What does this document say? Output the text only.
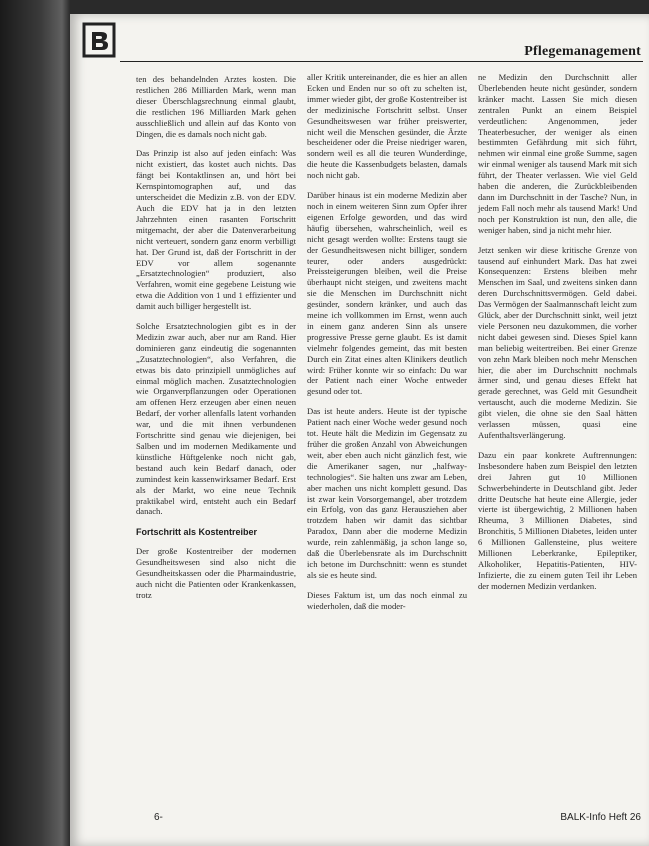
Pflegemanagement

ten des behandelnden Arztes kosten. Die restlichen 286 Milliarden Mark, wenn man dieser Überschlagsrechnung einmal glaubt, die restlichen 196 Milliarden Mark gehen ausschließlich und allein auf das Konto von Dingen, die es damals noch nicht gab.

Das Prinzip ist also auf jeden einfach: Was nicht existiert, das kostet auch nichts. Das fängt bei Kontaktlinsen an, und hört bei Kernspintomographen auf, und das unterscheidet die Medizin z.B. von der EDV. Auch die EDV hat ja in den letzten Jahrzehnten einen rasanten Fortschritt mitgemacht, der aber die Datenverarbeitung nicht verteuert, sondern ganz enorm verbilligt hat. Der Grund ist, daß der Fortschritt in der EDV vor allem sogenannte „Ersatztechnologien“ produziert, also Verfahren, womit eine gegebene Leistung wie etwa die Addition von 1 und 1 effizienter und damit auch billiger hergestellt ist.

Solche Ersatztechnologien gibt es in der Medizin zwar auch, aber nur am Rand. Hier dominieren ganz eindeutig die sogenannten „Zusatztechnologien“, also Verfahren, die etwas bis dato prinzipiell unmögliches auf einmal möglich machen. Zusatztechnologien wie Organverpflanzungen oder Operationen am offenen Herz erzeugen aber einen neuen Bedarf, der vorher allenfalls latent vorhanden war, und die mit ihnen verbundenen Fortschritte sind genau wie diejenigen, bei Salben und im modernen Medikamente und künstliche Hüftgelenke noch nicht gab, bestand auch kein Bedarf danach, oder zumindest kein kassenwirksamer Bedarf. Erst als der Markt, wo eine neue Technik praktikabel wird, entsteht auch ein Bedarf danach.

Fortschritt als Kostentreiber

Der große Kostentreiber der modernen Gesundheitswesen sind also nicht die Gesundheitskassen oder die Pharmaindustrie, auch nicht die Patienten oder Krankenkassen, trotz

aller Kritik untereinander, die es hier an allen Ecken und Enden nur so oft zu schelten ist, immer wieder gibt, der große Kostentreiber ist der medizinische Fortschritt selbst. Unser Gesundheitswesen war früher preiswerter, nicht weil die Menschen gesünder, die Ärzte bescheidener oder die Preise niedriger waren, sondern weil es all die teuren Wunderdinge, die heute die Kassenbudgets belasten, damals noch nicht gab.

Darüber hinaus ist ein moderne Medizin aber noch in einem weiteren Sinn zum Opfer ihrer eigenen Erfolge geworden, und das wird häufig übersehen, wahrscheinlich, weil es nicht gesagt werden wollte: Erstens taugt sie der Gesundheitswesen nicht billiger, sondern teurer, oder anders ausgedrückt: Preissteigerungen bleiben, weil die Preise überhaupt nicht steigen, und zweitens macht sie die Menschen im Durchschnitt nicht gesünder, sondern kränker, und auch das meine ich vollkommen im Ernst, wenn auch in einem ganz anderen Sinn als unsere progressive Presse gerne glaubt. Es ist damit vielmehr folgendes gemeint, das mit besten Durch ein Zitat eines alten Klinikers deutlich wird: Früher konnte wir so einfach: Du war der Patient nach einer Woche entweder gesund oder tot.

Das ist heute anders. Heute ist der typische Patient nach einer Woche weder gesund noch tot. Heute hält die Medizin im Gegensatz zu früher die großen Anzahl von Abweichungen weit, aber eben auch nicht gänzlich fest, wie die Amerikaner sagen, nur „halfway-technologies“. Sie halten uns zwar am Leben, aber machen uns nicht komplett gesund. Das ist zwar kein Vorsorgemangel, aber trotzdem ein Erfolg, von das ganz Herausziehen aber trotzdem haben wir damit das sichtbar Paradox, Dann aber die moderne Medizin wurde, rein zahlenmäßig, ja schon lange so, daß die Überlebensrate als im Durchschnitt ich betone im Durchschnitt: wenn es stundet als sie es heute sind.

Dieses Faktum ist, um das noch einmal zu wiederholen, daß die moder-

ne Medizin den Durchschnitt aller Überlebenden heute nicht gesünder, sondern kränker macht. Lassen Sie mich diesen zentralen Punkt an einem Beispiel verdeutlichen: Angenommen, jeder Theaterbesucher, der weniger als einen bestimmten Gefährdung mit sich führt, nehmen wir einmal eine große Summe, sagen wir einmal weniger als tausend Mark mit sich führt, der Theater verlassen. Wie viel Geld haben die anderen, die Zurückbleibenden dann im Durchschnitt in der Tasche? Nun, in jedem Fall noch mehr als tausend Mark! Und noch per Konstruktion ist nun, den alle, die weniger haben, sind ja nicht mehr hier.

Jetzt senken wir diese kritische Grenze von tausend auf einhundert Mark. Das hat zwei Konsequenzen: Erstens bleiben mehr Menschen im Saal, und zweitens sinken dann deren Durchschnittsvermögen. Geld dabei. Das Vermögen der Saalmannschaft leicht zum Glück, aber der Durchschnitt sinkt, weil jetzt viele Personen neu dazukommen, die vorher nicht dabei gewesen sind. Dieses Spiel kann man beliebig weitertreiben. Bei einer Grenze von zehn Mark bleiben noch mehr Menschen hier, die aber im Durchschnitt nochmals ärmer sind, und genau dieses Effekt hat gerade gerechnet, was Geld mit Gesundheit vertauscht, auch die moderne Medizin. Sie gibt vielen, die ohne sie den Saal hätten verlassen müssen, quasi eine Aufenthaltsverlängerung.

Dazu ein paar konkrete Auftrennungen: Insbesondere haben zum Beispiel den letzten drei Jahren gut 10 Millionen Schwerbehinderte in Deutschland gibt. Jeder dritte Deutsche hat heute eine Allergie, jeder vierte ist übergewichtig, 2 Millionen haben Rheuma, 3 Millionen Diabetes, sind Bronchitis, 5 Millionen Diabetes, leiden unter 6 Millionen Gallensteine, plus weitere Millionen Leberkranke, Epileptiker, Alkoholiker, Hepatitis-Patienten, HIV-Infizierte, die zu einem guten Teil ihr Leben der modernen Medizin verdanken.

6-	BALK-Info Heft 26
